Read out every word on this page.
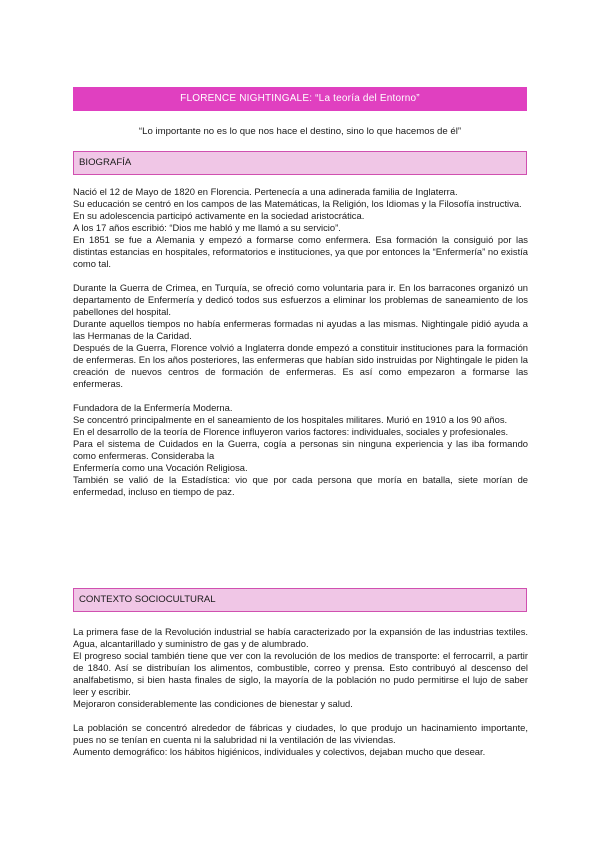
FLORENCE NIGHTINGALE: “La teoría del Entorno”
“Lo importante no es lo que nos hace el destino, sino lo que hacemos de él”
BIOGRAFÍA

Nació el 12 de Mayo de 1820 en Florencia. Pertenecía a una adinerada familia de Inglaterra.

Su educación se centró en los campos de las Matemáticas, la Religión, los Idiomas y la Filosofía instructiva.

En su adolescencia participó activamente en la sociedad aristocrática.

A los 17 años escribió: “Dios me habló y me llamó a su servicio”.

En 1851 se fue a Alemania y empezó a formarse como enfermera. Esa formación la consiguió por las distintas estancias en hospitales, reformatorios e instituciones, ya que por entonces la “Enfermería” no existía como tal.

Durante la Guerra de Crimea, en Turquía, se ofreció como voluntaria para ir. En los barracones organizó un departamento de Enfermería y dedicó todos sus esfuerzos a eliminar los problemas de saneamiento de los pabellones del hospital.

Durante aquellos tiempos no había enfermeras formadas ni ayudas a las mismas. Nightingale pidió ayuda a las Hermanas de la Caridad.

Después de la Guerra, Florence volvió a Inglaterra donde empezó a constituir instituciones para la formación de enfermeras. En los años posteriores, las enfermeras que habían sido instruidas por Nightingale le piden la creación de nuevos centros de formación de enfermeras. Es así como empezaron a formarse las enfermeras.

Fundadora de la Enfermería Moderna.

Se concentró principalmente en el saneamiento de los hospitales militares. Murió en 1910 a los 90 años.

En el desarrollo de la teoría de Florence influyeron varios factores: individuales, sociales y profesionales.

Para el sistema de Cuidados en la Guerra, cogía a personas sin ninguna experiencia y las iba formando como enfermeras. Consideraba la

Enfermería como una Vocación Religiosa.

También se valió de la Estadística: vio que por cada persona que moría en batalla, siete morían de enfermedad, incluso en tiempo de paz.

CONTEXTO SOCIOCULTURAL

La primera fase de la Revolución industrial se había caracterizado por la expansión de las industrias textiles. Agua, alcantarillado y suministro de gas y de alumbrado.

El progreso social también tiene que ver con la revolución de los medios de transporte: el ferrocarril, a partir de 1840. Así se distribuían los alimentos, combustible, correo y prensa. Esto contribuyó al descenso del analfabetismo, si bien hasta finales de siglo, la mayoría de la población no pudo permitirse el lujo de saber leer y escribir.

Mejoraron considerablemente las condiciones de bienestar y salud.

La población se concentró alrededor de fábricas y ciudades, lo que produjo un hacinamiento importante, pues no se tenían en cuenta ni la salubridad ni la ventilación de las viviendas.

Aumento demográfico: los hábitos higiénicos, individuales y colectivos, dejaban mucho que desear.
